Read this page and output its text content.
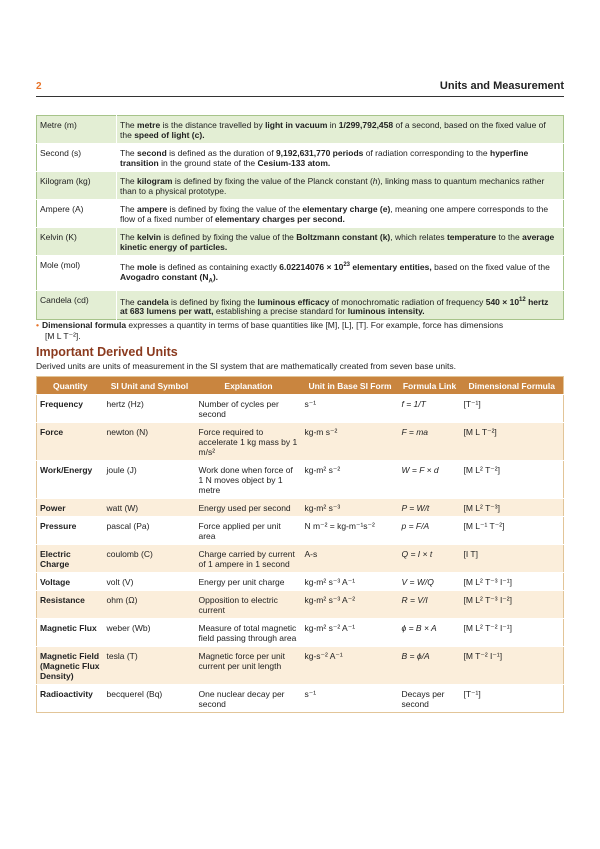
2	Units and Measurement
Metre (m)	The metre is the distance travelled by light in vacuum in 1/299,792,458 of a second, based on the fixed value of the speed of light (c).
Second (s)	The second is defined as the duration of 9,192,631,770 periods of radiation corresponding to the hyperfine transition in the ground state of the Cesium-133 atom.
Kilogram (kg)	The kilogram is defined by fixing the value of the Planck constant (h), linking mass to quantum mechanics rather than to a physical prototype.
Ampere (A)	The ampere is defined by fixing the value of the elementary charge (e), meaning one ampere corresponds to the flow of a fixed number of elementary charges per second.
Kelvin (K)	The kelvin is defined by fixing the value of the Boltzmann constant (k), which relates temperature to the average kinetic energy of particles.
Mole (mol)	The mole is defined as containing exactly $6.02214076 \times 10^{23}$ elementary entities, based on the fixed value of the Avogadro constant $(N_A)$.
Candela (cd)	The candela is defined by fixing the luminous efficacy of monochromatic radiation of frequency $540 \times 10^{12}$ hertz at 683 lumens per watt, establishing a precise standard for luminous intensity.
• Dimensional formula expresses a quantity in terms of base quantities like [M], [L], [T]. For example, force has dimensions
[M L T⁻²].
Important Derived Units
Derived units are units of measurement in the SI system that are mathematically created from seven base units.
Quantity	SI Unit and Symbol	Explanation	Unit in Base SI Form	Formula Link	Dimensional Formula
Frequency	hertz (Hz)	Number of cycles per second	s⁻¹	f = 1/T	[T⁻¹]
Force	newton (N)	Force required to accelerate 1 kg mass by 1 m/s²	kg-m s⁻²	F = ma	[M L T⁻²]
Work/Energy	joule (J)	Work done when force of 1 N moves object by 1 metre	kg-m² s⁻²	W = F × d	[M L² T⁻²]
Power	watt (W)	Energy used per second	kg-m² s⁻³	P = W/t	[M L² T⁻³]
Pressure	pascal (Pa)	Force applied per unit area	N m⁻² = kg-m⁻¹s⁻²	p = F/A	[M L⁻¹ T⁻²]
Electric Charge	coulomb (C)	Charge carried by current of 1 ampere in 1 second	A-s	Q = I × t	[I T]
Voltage	volt (V)	Energy per unit charge	kg-m² s⁻³ A⁻¹	V = W/Q	[M L² T⁻³ I⁻¹]
Resistance	ohm (Ω)	Opposition to electric current	kg-m² s⁻³ A⁻²	R = V/I	[M L² T⁻³ I⁻²]
Magnetic Flux	weber (Wb)	Measure of total magnetic field passing through area	kg-m² s⁻² A⁻¹	ϕ = B × A	[M L² T⁻² I⁻¹]
Magnetic Field (Magnetic Flux Density)	tesla (T)	Magnetic force per unit current per unit length	kg-s⁻² A⁻¹	B = ϕ/A	[M T⁻² I⁻¹]
Radioactivity	becquerel (Bq)	One nuclear decay per second	s⁻¹	Decays per second	[T⁻¹]
